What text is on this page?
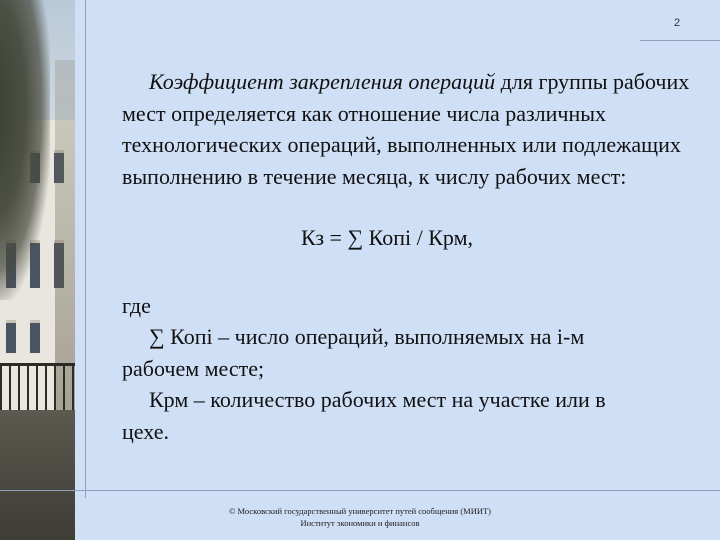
2
Коэффициент закрепления операций для группы рабочих мест определяется как отношение числа различных технологических операций, выполненных или подлежащих выполнению в течение месяца, к числу рабочих мест:
Кз = ∑ Копi / Крм,
где
∑ Копi – число операций, выполняемых на i-м
рабочем месте;
Крм – количество рабочих мест на участке или в
цехе.
© Московский государственный университет путей сообщения (МИИТ)
Институт экономики и финансов
